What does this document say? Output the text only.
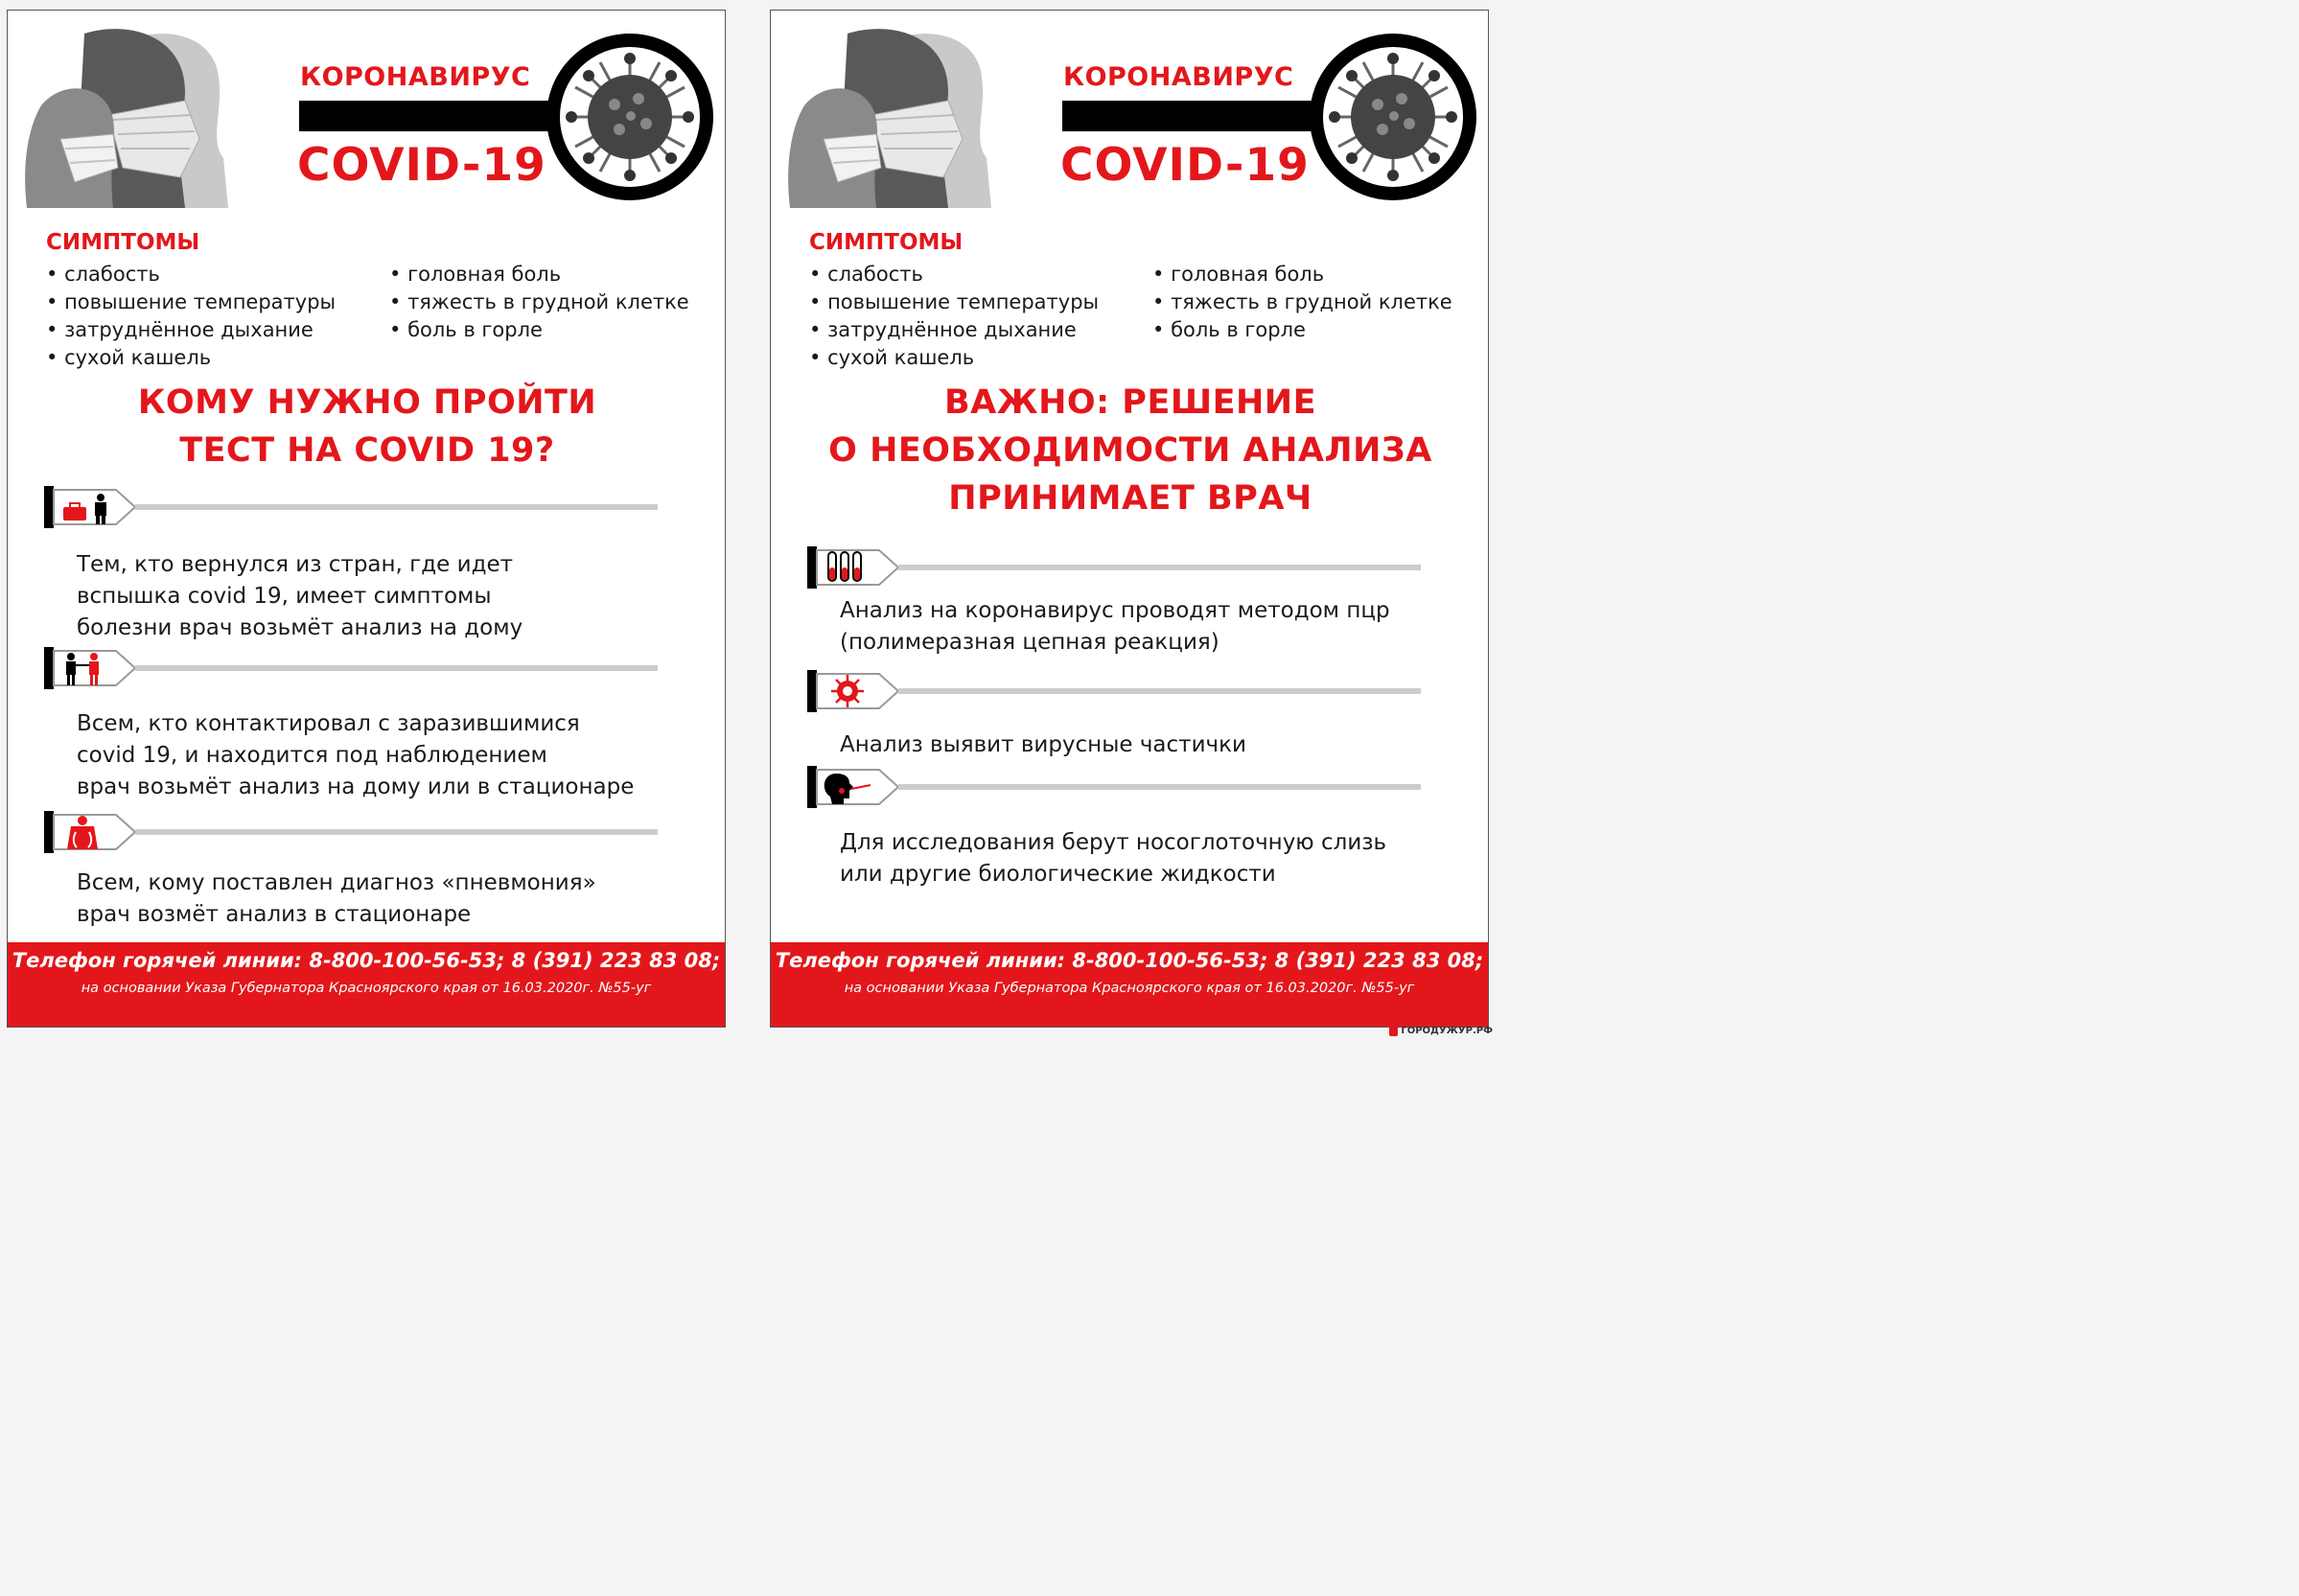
КОРОНАВИРУС
COVID-19
СИМПТОМЫ
• слабость
• повышение температуры
• затруднённое дыхание
• сухой кашель
• головная боль
• тяжесть в грудной клетке
• боль в горле
КОМУ НУЖНО ПРОЙТИ
ТЕСТ НА COVID 19?
Тем, кто вернулся из стран, где идет
вспышка covid 19, имеет симптомы
болезни врач возьмёт анализ на дому
Всем, кто контактировал с заразившимися
covid 19, и находится под наблюдением
врач возьмёт анализ на дому или в стационаре
Всем, кому поставлен диагноз «пневмония»
врач возмёт анализ в стационаре
Телефон горячей линии: 8-800-100-56-53; 8 (391) 223 83 08;
на основании Указа Губернатора Красноярского края от 16.03.2020г. №55-уг
КОРОНАВИРУС
COVID-19
СИМПТОМЫ
• слабость
• повышение температуры
• затруднённое дыхание
• сухой кашель
• головная боль
• тяжесть в грудной клетке
• боль в горле
ВАЖНО: РЕШЕНИЕ
О НЕОБХОДИМОСТИ АНАЛИЗА
ПРИНИМАЕТ ВРАЧ
Анализ на коронавирус проводят методом пцр
(полимеразная цепная реакция)
Анализ выявит вирусные частички
Для исследования берут носоглоточную слизь
или другие биологические жидкости
Телефон горячей линии: 8-800-100-56-53; 8 (391) 223 83 08;
на основании Указа Губернатора Красноярского края от 16.03.2020г. №55-уг
ГОРОДУЖУР.РФ
